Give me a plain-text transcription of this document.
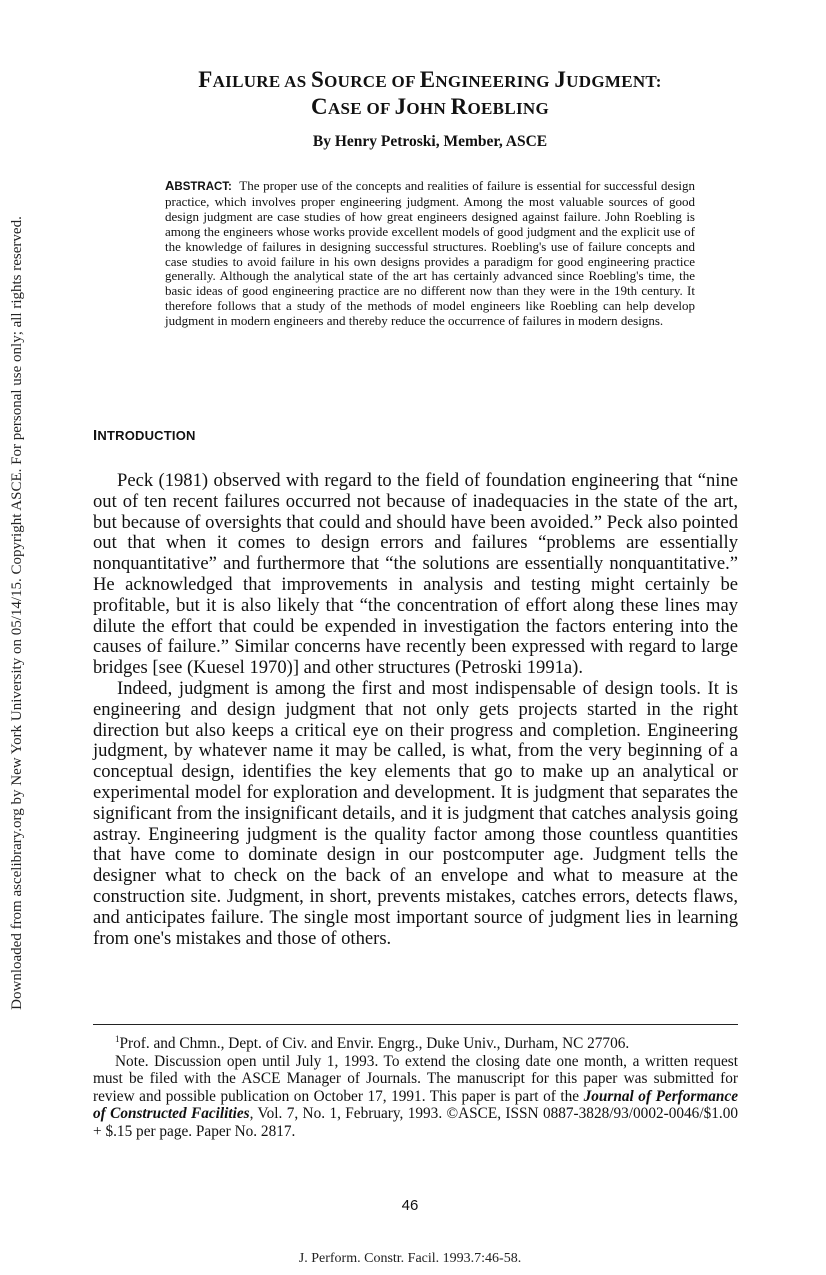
Downloaded from ascelibrary.org by New York University on 05/14/15. Copyright ASCE. For personal use only; all rights reserved.
FAILURE AS SOURCE OF ENGINEERING JUDGMENT:
CASE OF JOHN ROEBLING
By Henry Petroski, Member, ASCE
ABSTRACT: The proper use of the concepts and realities of failure is essential for successful design practice, which involves proper engineering judgment. Among the most valuable sources of good design judgment are case studies of how great engineers designed against failure. John Roebling is among the engineers whose works provide excellent models of good judgment and the explicit use of the knowledge of failures in designing successful structures. Roebling's use of failure concepts and case studies to avoid failure in his own designs provides a paradigm for good engineering practice generally. Although the analytical state of the art has certainly advanced since Roebling's time, the basic ideas of good engineering practice are no different now than they were in the 19th century. It therefore follows that a study of the methods of model engineers like Roebling can help develop judgment in modern engineers and thereby reduce the occurrence of failures in modern designs.
INTRODUCTION

Peck (1981) observed with regard to the field of foundation engineering that “nine out of ten recent failures occurred not because of inadequacies in the state of the art, but because of oversights that could and should have been avoided.” Peck also pointed out that when it comes to design errors and failures “problems are essentially nonquantitative” and furthermore that “the solutions are essentially nonquantitative.” He acknowledged that improvements in analysis and testing might certainly be profitable, but it is also likely that “the concentration of effort along these lines may dilute the effort that could be expended in investigation the factors entering into the causes of failure.” Similar concerns have recently been expressed with regard to large bridges [see (Kuesel 1970)] and other structures (Petroski 1991a).

Indeed, judgment is among the first and most indispensable of design tools. It is engineering and design judgment that not only gets projects started in the right direction but also keeps a critical eye on their progress and completion. Engineering judgment, by whatever name it may be called, is what, from the very beginning of a conceptual design, identifies the key elements that go to make up an analytical or experimental model for exploration and development. It is judgment that separates the significant from the insignificant details, and it is judgment that catches analysis going astray. Engineering judgment is the quality factor among those countless quantities that have come to dominate design in our postcomputer age. Judgment tells the designer what to check on the back of an envelope and what to measure at the construction site. Judgment, in short, prevents mistakes, catches errors, detects flaws, and anticipates failure. The single most important source of judgment lies in learning from one's mistakes and those of others.

$^1$Prof. and Chmn., Dept. of Civ. and Envir. Engrg., Duke Univ., Durham, NC 27706.

Note. Discussion open until July 1, 1993. To extend the closing date one month, a written request must be filed with the ASCE Manager of Journals. The manuscript for this paper was submitted for review and possible publication on October 17, 1991. This paper is part of the Journal of Performance of Constructed Facilities, Vol. 7, No. 1, February, 1993. ©ASCE, ISSN 0887-3828/93/0002-0046/$1.00 + $.15 per page. Paper No. 2817.

46
J. Perform. Constr. Facil. 1993.7:46-58.
